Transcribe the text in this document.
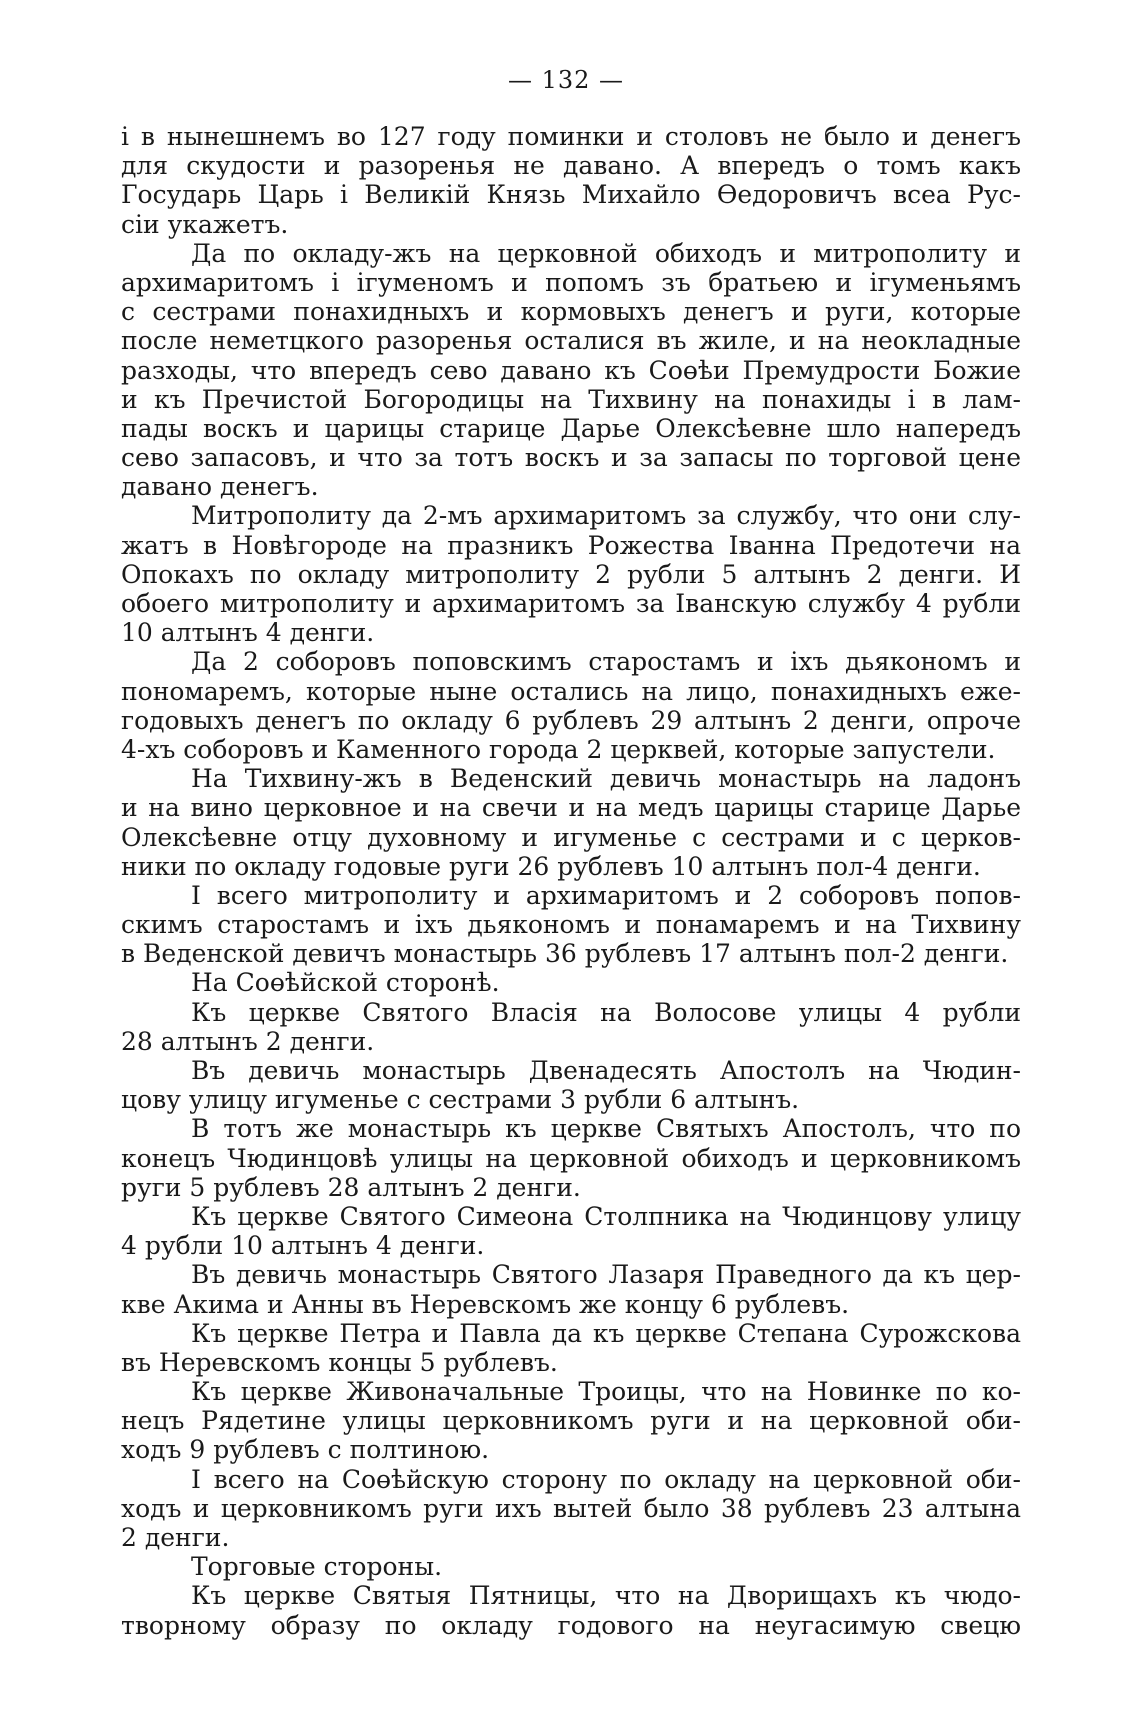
— 132 —
і в нынешнемъ во 127 году поминки и столовъ не было и денегъ
для скудости и разоренья не давано. А впередъ о томъ какъ
Государь Царь і Великій Князь Михайло Өедоровичъ всеа Рус-
сіи укажетъ.
Да по окладу-жъ на церковной обиходъ и митрополиту и
архимаритомъ і ігуменомъ и попомъ зъ братьею и ігуменьямъ
с сестрами понахидныхъ и кормовыхъ денегъ и руги, которые
после неметцкого разоренья осталися въ жиле, и на неокладные
разходы, что впередъ сево давано къ Соөѣи Премудрости Божие
и къ Пречистой Богородицы на Тихвину на понахиды і в лам-
пады воскъ и царицы старице Дарье Олексѣевне шло напередъ
сево запасовъ, и что за тотъ воскъ и за запасы по торговой цене
давано денегъ.
Митрополиту да 2-мъ архимаритомъ за службу, что они слу-
жатъ в Новѣгороде на празникъ Рожества Іванна Предотечи на
Опокахъ по окладу митрополиту 2 рубли 5 алтынъ 2 денги. И
обоего митрополиту и архимаритомъ за Іванскую службу 4 рубли
10 алтынъ 4 денги.
Да 2 соборовъ поповскимъ старостамъ и іхъ дьякономъ и
пономаремъ, которые ныне остались на лицо, понахидныхъ еже-
годовыхъ денегъ по окладу 6 рублевъ 29 алтынъ 2 денги, опроче
4-хъ соборовъ и Каменного города 2 церквей, которые запустели.
На Тихвину-жъ в Веденский девичь монастырь на ладонъ
и на вино церковное и на свечи и на медъ царицы старице Дарье
Олексѣевне отцу духовному и игуменье с сестрами и с церков-
ники по окладу годовые руги 26 рублевъ 10 алтынъ пол-4 денги.
І всего митрополиту и архимаритомъ и 2 соборовъ попов-
скимъ старостамъ и іхъ дьякономъ и понамаремъ и на Тихвину
в Веденской девичъ монастырь 36 рублевъ 17 алтынъ пол-2 денги.
На Соөѣйской сторонѣ.
Къ церкве Святого Власія на Волосове улицы 4 рубли
28 алтынъ 2 денги.
Въ девичь монастырь Двенадесять Апостолъ на Чюдин-
цову улицу игуменье с сестрами 3 рубли 6 алтынъ.
В тотъ же монастырь къ церкве Святыхъ Апостолъ, что по
конецъ Чюдинцовѣ улицы на церковной обиходъ и церковникомъ
руги 5 рублевъ 28 алтынъ 2 денги.
Къ церкве Святого Симеона Столпника на Чюдинцову улицу
4 рубли 10 алтынъ 4 денги.
Въ девичь монастырь Святого Лазаря Праведного да къ цер-
кве Акима и Анны въ Неревскомъ же концу 6 рублевъ.
Къ церкве Петра и Павла да къ церкве Степана Сурожскова
въ Неревскомъ концы 5 рублевъ.
Къ церкве Живоначальные Троицы, что на Новинке по ко-
нецъ Рядетине улицы церковникомъ руги и на церковной оби-
ходъ 9 рублевъ с полтиною.
І всего на Соөѣйскую сторону по окладу на церковной оби-
ходъ и церковникомъ руги ихъ вытей было 38 рублевъ 23 алтына
2 денги.
Торговые стороны.
Къ церкве Святыя Пятницы, что на Дворищахъ къ чюдо-
творному образу по окладу годового на неугасимую свецю
